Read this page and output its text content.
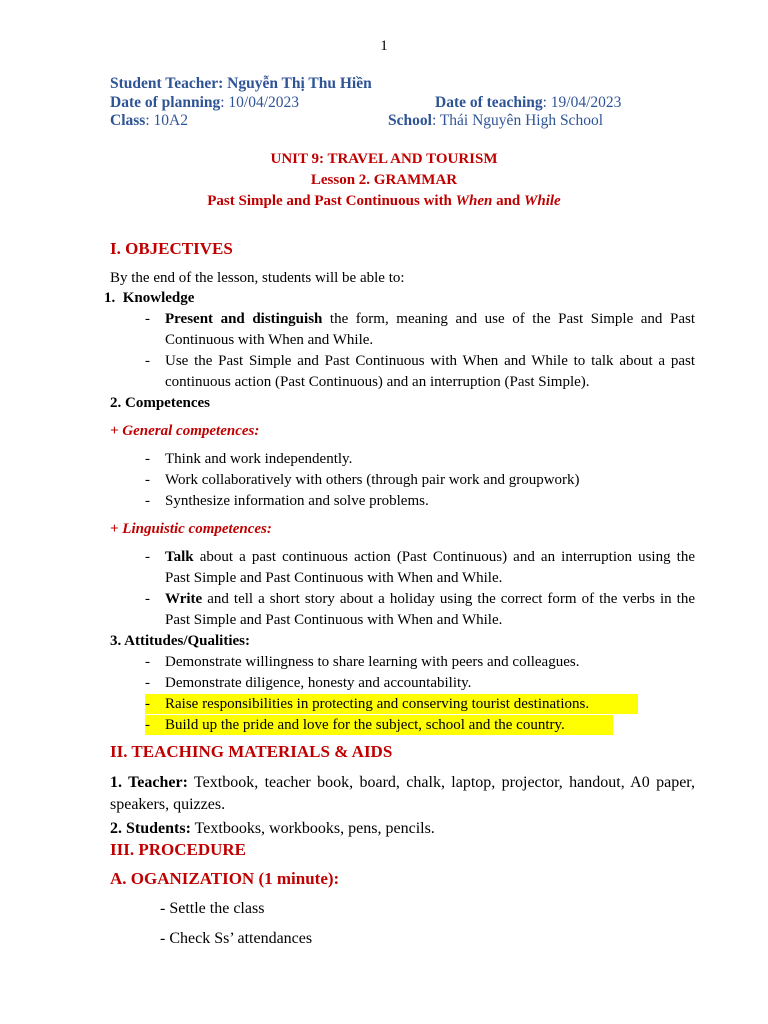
1
Student Teacher: Nguyễn Thị Thu Hiền
Date of planning: 10/04/2023	Date of teaching: 19/04/2023
Class: 10A2	School: Thái Nguyên High School
UNIT 9: TRAVEL AND TOURISM
Lesson 2. GRAMMAR
Past Simple and Past Continuous with When and While
I. OBJECTIVES
By the end of the lesson, students will be able to:
1. Knowledge
- Present and distinguish the form, meaning and use of the Past Simple and Past Continuous with When and While.
- Use the Past Simple and Past Continuous with When and While to talk about a past continuous action (Past Continuous) and an interruption (Past Simple).
2. Competences
+ General competences:
- Think and work independently.
- Work collaboratively with others (through pair work and groupwork)
- Synthesize information and solve problems.
+ Linguistic competences:
- Talk about a past continuous action (Past Continuous) and an interruption using the Past Simple and Past Continuous with When and While.
- Write and tell a short story about a holiday using the correct form of the verbs in the Past Simple and Past Continuous with When and While.
3. Attitudes/Qualities:
- Demonstrate willingness to share learning with peers and colleagues.
- Demonstrate diligence, honesty and accountability.
- Raise responsibilities in protecting and conserving tourist destinations.
- Build up the pride and love for the subject, school and the country.
II. TEACHING MATERIALS & AIDS
1. Teacher: Textbook, teacher book, board, chalk, laptop, projector, handout, A0 paper, speakers, quizzes.
2. Students: Textbooks, workbooks, pens, pencils.
III. PROCEDURE
A. OGANIZATION (1 minute):
- Settle the class
- Check Ss’ attendances
